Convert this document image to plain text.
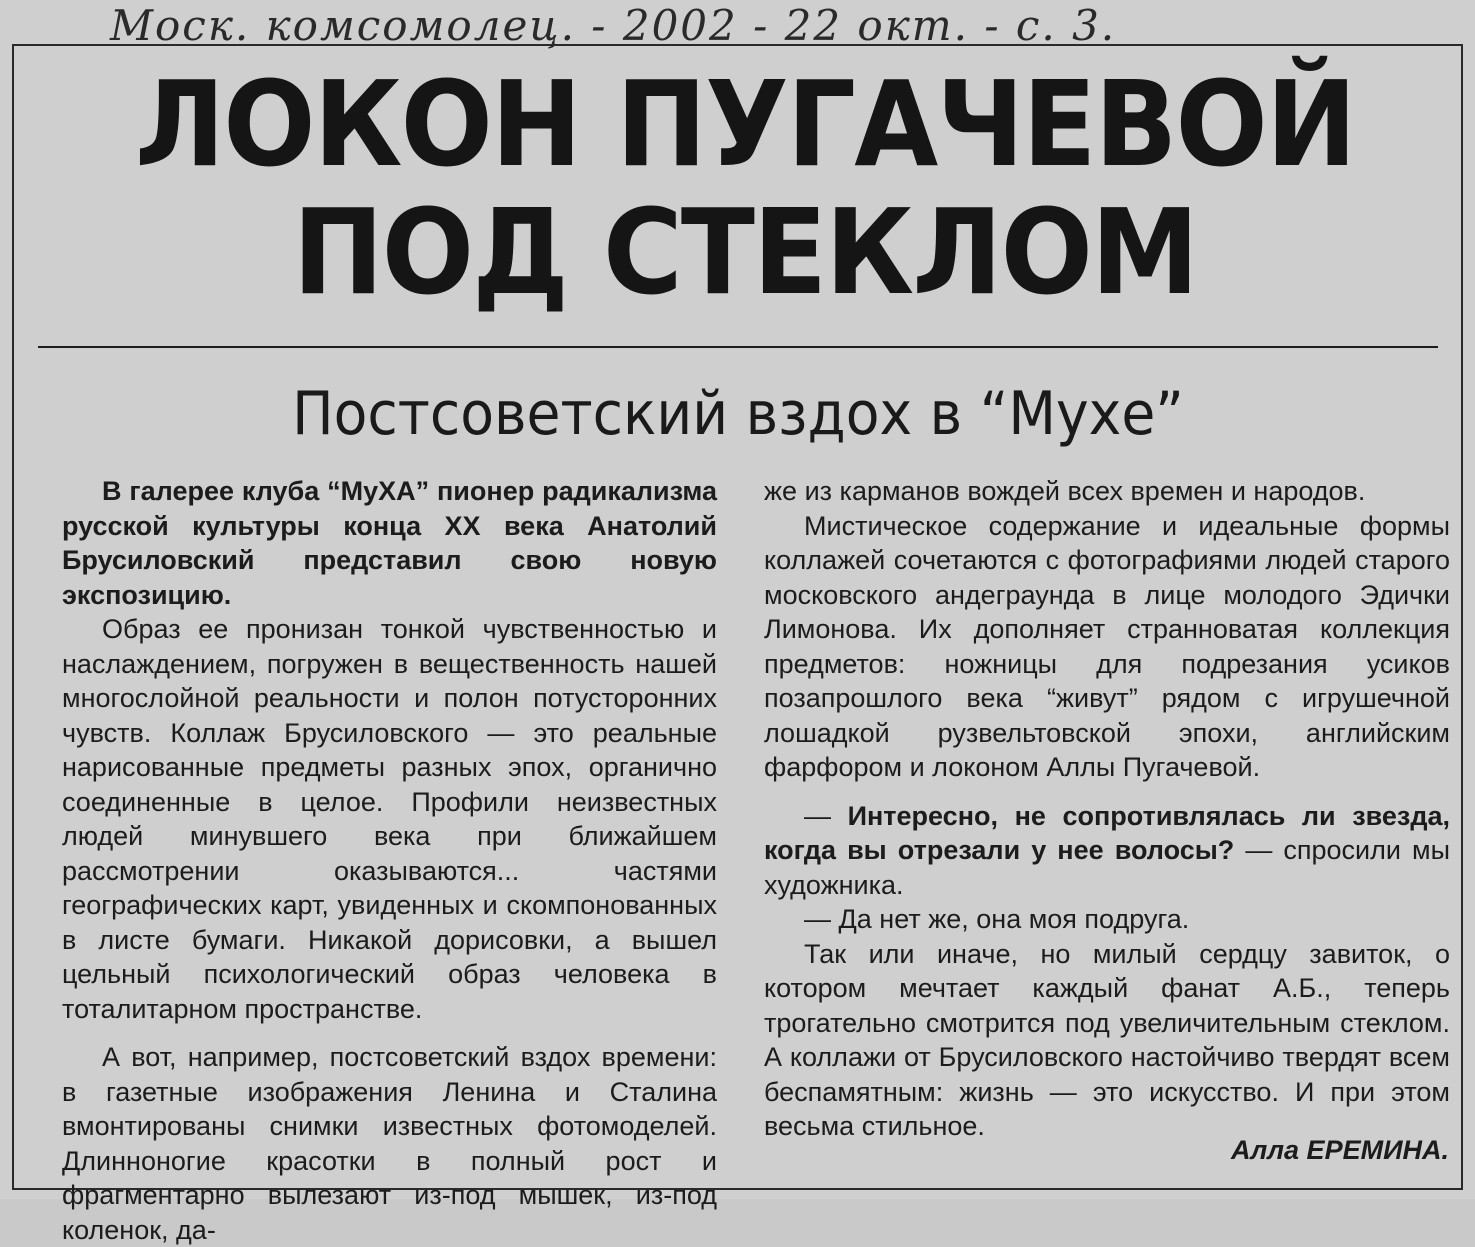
Моск. комсомолец. - 2002 - 22 окт. - с. 3.
ЛОКОН ПУГАЧЕВОЙ
ПОД СТЕКЛОМ
Постсоветский вздох в “Мухе”

В галерее клуба “МуХА” пионер радикализма русской культуры конца XX века Анатолий Брусиловский представил свою новую экспозицию.

Образ ее пронизан тонкой чувственностью и наслаждением, погружен в вещественность нашей многослойной реальности и полон потусторонних чувств. Коллаж Брусиловского — это реальные нарисованные предметы разных эпох, органично соединенные в целое. Профили неизвестных людей минувшего века при ближайшем рассмотрении оказываются... частями географических карт, увиденных и скомпонованных в листе бумаги. Никакой дорисовки, а вышел цельный психологический образ человека в тоталитарном пространстве.

А вот, например, постсоветский вздох времени: в газетные изображения Ленина и Сталина вмонтированы снимки известных фотомоделей. Длинноногие красотки в полный рост и фрагментарно вылезают из-под мышек, из-под коленок, да-

же из карманов вождей всех времен и народов.

Мистическое содержание и идеальные формы коллажей сочетаются с фотографиями людей старого московского андеграунда в лице молодого Эдички Лимонова. Их дополняет странноватая коллекция предметов: ножницы для подрезания усиков позапрошлого века “живут” рядом с игрушечной лошадкой рузвельтовской эпохи, английским фарфором и локоном Аллы Пугачевой.

— Интересно, не сопротивлялась ли звезда, когда вы отрезали у нее волосы? — спросили мы художника.

— Да нет же, она моя подруга.

Так или иначе, но милый сердцу завиток, о котором мечтает каждый фанат А.Б., теперь трогательно смотрится под увеличительным стеклом. А коллажи от Брусиловского настойчиво твердят всем беспамятным: жизнь — это искусство. И при этом весьма стильное.

Алла ЕРЕМИНА.
